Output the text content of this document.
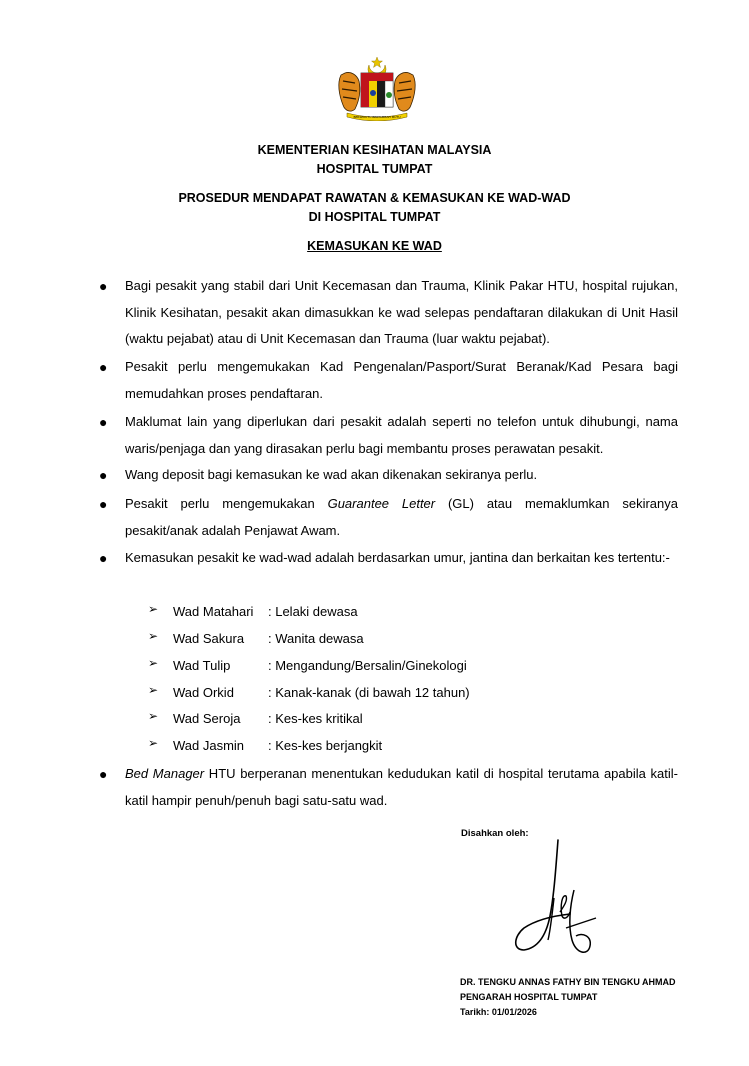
BERSEKUTU BERTAMBAH MUTU
KEMENTERIAN KESIHATAN MALAYSIA
HOSPITAL TUMPAT
PROSEDUR MENDAPAT RAWATAN & KEMASUKAN KE WAD-WAD
DI HOSPITAL TUMPAT
KEMASUKAN KE WAD
● Bagi pesakit yang stabil dari Unit Kecemasan dan Trauma, Klinik Pakar HTU, hospital rujukan, Klinik Kesihatan, pesakit akan dimasukkan ke wad selepas pendaftaran dilakukan di Unit Hasil (waktu pejabat) atau di Unit Kecemasan dan Trauma (luar waktu pejabat).
● Pesakit perlu mengemukakan Kad Pengenalan/Pasport/Surat Beranak/Kad Pesara bagi memudahkan proses pendaftaran.
● Maklumat lain yang diperlukan dari pesakit adalah seperti no telefon untuk dihubungi, nama waris/penjaga dan yang dirasakan perlu bagi membantu proses perawatan pesakit.
● Wang deposit bagi kemasukan ke wad akan dikenakan sekiranya perlu.
● Pesakit perlu mengemukakan Guarantee Letter (GL) atau memaklumkan sekiranya pesakit/anak adalah Penjawat Awam.
● Kemasukan pesakit ke wad-wad adalah berdasarkan umur, jantina dan berkaitan kes tertentu:-
➢ Wad Matahari : Lelaki dewasa
➢ Wad Sakura : Wanita dewasa
➢ Wad Tulip	: Mengandung/Bersalin/Ginekologi
➢ Wad Orkid	: Kanak-kanak (di bawah 12 tahun)
➢ Wad Seroja : Kes-kes kritikal
➢ Wad Jasmin : Kes-kes berjangkit
● Bed Manager HTU berperanan menentukan kedudukan katil di hospital terutama apabila katil-katil hampir penuh/penuh bagi satu-satu wad.
Disahkan oleh:
DR. TENGKU ANNAS FATHY BIN TENGKU AHMAD
PENGARAH HOSPITAL TUMPAT
Tarikh: 01/01/2026
